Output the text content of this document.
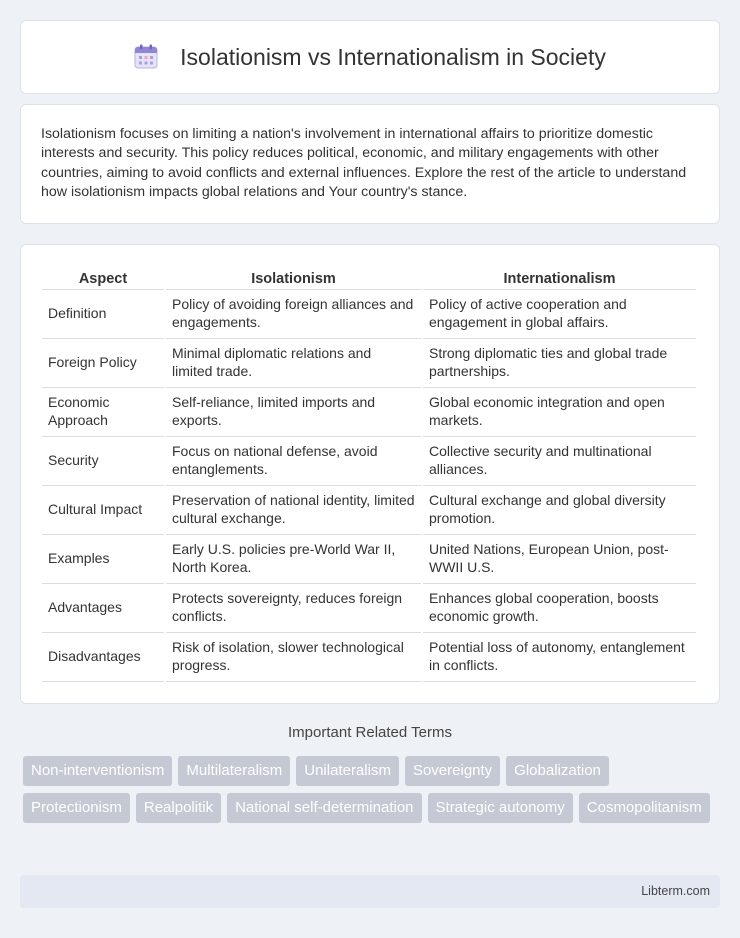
Isolationism vs Internationalism in Society

Isolationism focuses on limiting a nation's involvement in international affairs to prioritize domestic interests and security. This policy reduces political, economic, and military engagements with other countries, aiming to avoid conflicts and external influences. Explore the rest of the article to understand how isolationism impacts global relations and Your country's stance.

Aspect	Isolationism	Internationalism
Definition	Policy of avoiding foreign alliances and engagements.	Policy of active cooperation and engagement in global affairs.
Foreign Policy	Minimal diplomatic relations and limited trade.	Strong diplomatic ties and global trade partnerships.
Economic Approach	Self-reliance, limited imports and exports.	Global economic integration and open markets.
Security	Focus on national defense, avoid entanglements.	Collective security and multinational alliances.
Cultural Impact	Preservation of national identity, limited cultural exchange.	Cultural exchange and global diversity promotion.
Examples	Early U.S. policies pre-World War II, North Korea.	United Nations, European Union, post-WWII U.S.
Advantages	Protects sovereignty, reduces foreign conflicts.	Enhances global cooperation, boosts economic growth.
Disadvantages	Risk of isolation, slower technological progress.	Potential loss of autonomy, entanglement in conflicts.
Important Related Terms
Non-interventionism	Multilateralism	Unilateralism	Sovereignty	Globalization
Protectionism	Realpolitik	National self-determination	Strategic autonomy	Cosmopolitanism
Libterm.com
